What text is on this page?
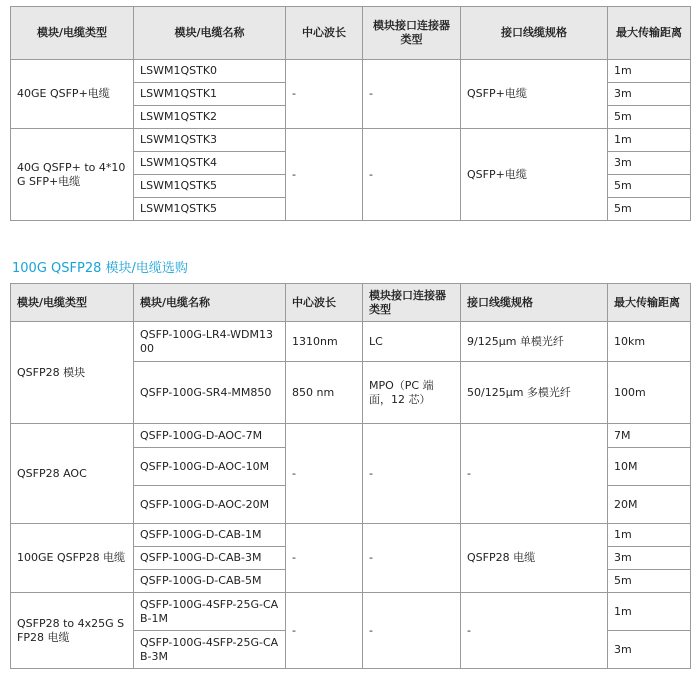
模块/电缆类型	模块/电缆名称	中心波长	模块接口连接器类型	接口线缆规格	最大传输距离
40GE QSFP+电缆	LSWM1QSTK0	-	-	QSFP+电缆	1m
	LSWM1QSTK1				3m
	LSWM1QSTK2				5m
40G QSFP+ to 4*10G SFP+电缆	LSWM1QSTK3	-	-	QSFP+电缆	1m
	LSWM1QSTK4				3m
	LSWM1QSTK5				5m
	LSWM1QSTK5				5m
100G QSFP28 模块/电缆选购
模块/电缆类型	模块/电缆名称	中心波长	模块接口连接器类型	接口线缆规格	最大传输距离
QSFP28 模块	QSFP-100G-LR4-WDM1300	1310nm	LC	9/125μm 单模光纤	10km
	QSFP-100G-SR4-MM850	850 nm	MPO（PC 端面，12 芯）	50/125μm 多模光纤	100m
QSFP28 AOC	QSFP-100G-D-AOC-7M	-	-	-	7M
	QSFP-100G-D-AOC-10M				10M
	QSFP-100G-D-AOC-20M				20M
100GE QSFP28 电缆	QSFP-100G-D-CAB-1M	-	-	QSFP28 电缆	1m
	QSFP-100G-D-CAB-3M				3m
	QSFP-100G-D-CAB-5M				5m
QSFP28 to 4x25G SFP28 电缆	QSFP-100G-4SFP-25G-CAB-1M	-	-	-	1m
	QSFP-100G-4SFP-25G-CAB-3M				3m
